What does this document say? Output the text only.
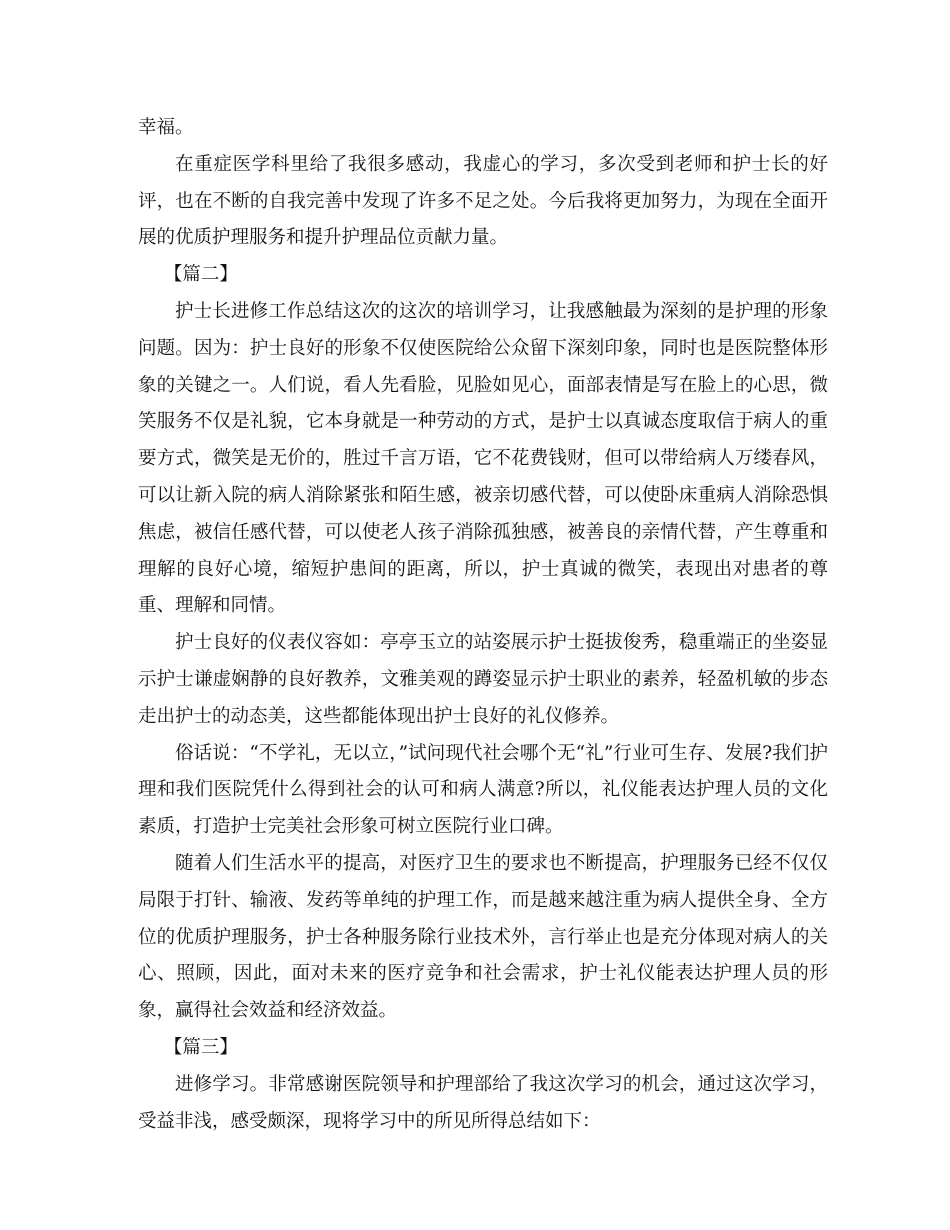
幸福。

在重症医学科里给了我很多感动，我虚心的学习，多次受到老师和护士长的好评，也在不断的自我完善中发现了许多不足之处。今后我将更加努力，为现在全面开展的优质护理服务和提升护理品位贡献力量。

【篇二】

护士长进修工作总结这次的这次的培训学习，让我感触最为深刻的是护理的形象问题。因为：护士良好的形象不仅使医院给公众留下深刻印象，同时也是医院整体形象的关键之一。人们说，看人先看脸，见脸如见心，面部表情是写在脸上的心思，微笑服务不仅是礼貌，它本身就是一种劳动的方式，是护士以真诚态度取信于病人的重要方式，微笑是无价的，胜过千言万语，它不花费钱财，但可以带给病人万缕春风，可以让新入院的病人消除紧张和陌生感，被亲切感代替，可以使卧床重病人消除恐惧焦虑，被信任感代替，可以使老人孩子消除孤独感，被善良的亲情代替，产生尊重和理解的良好心境，缩短护患间的距离，所以，护士真诚的微笑，表现出对患者的尊重、理解和同情。

护士良好的仪表仪容如：亭亭玉立的站姿展示护士挺拔俊秀，稳重端正的坐姿显示护士谦虚娴静的良好教养，文雅美观的蹲姿显示护士职业的素养，轻盈机敏的步态走出护士的动态美，这些都能体现出护士良好的礼仪修养。

俗话说：“不学礼，无以立，”试问现代社会哪个无“礼”行业可生存、发展?我们护理和我们医院凭什么得到社会的认可和病人满意?所以，礼仪能表达护理人员的文化素质，打造护士完美社会形象可树立医院行业口碑。

随着人们生活水平的提高，对医疗卫生的要求也不断提高，护理服务已经不仅仅局限于打针、输液、发药等单纯的护理工作，而是越来越注重为病人提供全身、全方位的优质护理服务，护士各种服务除行业技术外，言行举止也是充分体现对病人的关心、照顾，因此，面对未来的医疗竞争和社会需求，护士礼仪能表达护理人员的形象，赢得社会效益和经济效益。

【篇三】

进修学习。非常感谢医院领导和护理部给了我这次学习的机会，通过这次学习，受益非浅，感受颇深，现将学习中的所见所得总结如下：
